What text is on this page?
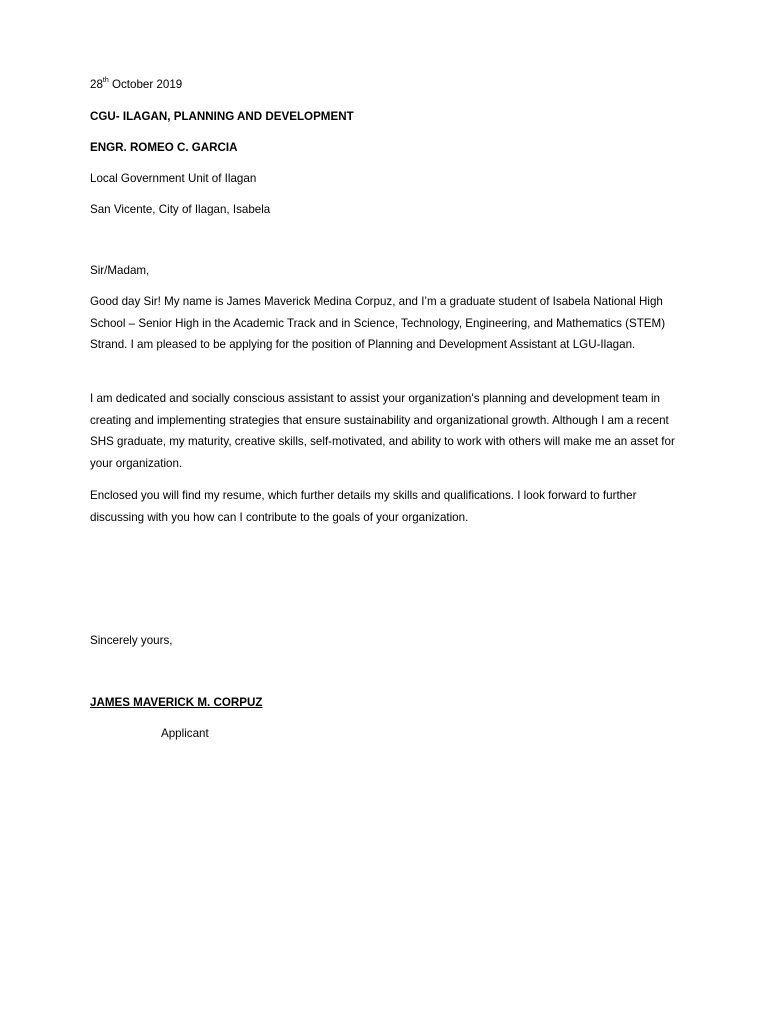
28th October 2019

CGU- ILAGAN, PLANNING AND DEVELOPMENT

ENGR. ROMEO C. GARCIA

Local Government Unit of Ilagan

San Vicente, City of Ilagan, Isabela

Sir/Madam,

Good day Sir! My name is James Maverick Medina Corpuz, and I’m a graduate student of Isabela National High School – Senior High in the Academic Track and in Science, Technology, Engineering, and Mathematics (STEM) Strand. I am pleased to be applying for the position of Planning and Development Assistant at LGU-Ilagan.

I am dedicated and socially conscious assistant to assist your organization's planning and development team in creating and implementing strategies that ensure sustainability and organizational growth. Although I am a recent SHS graduate, my maturity, creative skills, self-motivated, and ability to work with others will make me an asset for your organization.

Enclosed you will find my resume, which further details my skills and qualifications. I look forward to further discussing with you how can I contribute to the goals of your organization.

Sincerely yours,

JAMES MAVERICK M. CORPUZ

Applicant
